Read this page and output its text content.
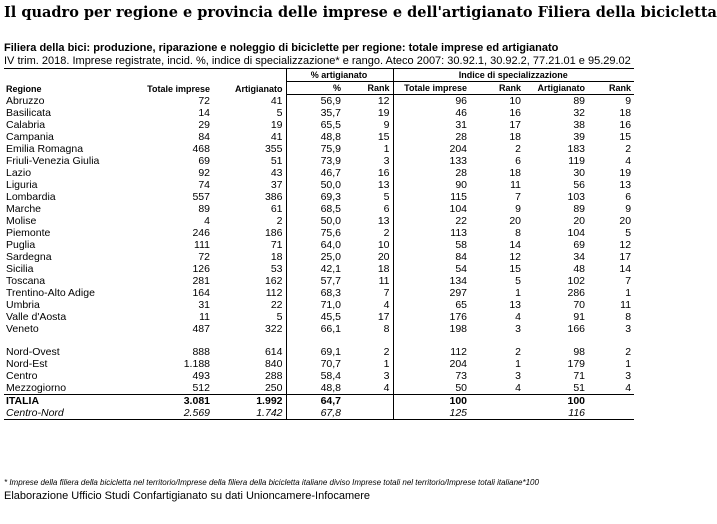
Il quadro per regione e provincia delle imprese e dell'artigianato Filiera della bicicletta
Filiera della bici: produzione, riparazione e noleggio di biciclette per regione: totale imprese ed artigianato
IV trim. 2018. Imprese registrate, incid. %, indice di specializzazione* e rango. Ateco 2007: 30.92.1, 30.92.2, 77.21.01 e 95.29.02
Regione	Totale imprese	Artigianato	% artigianato		Indice di specializzazione			
			%	Rank	Totale imprese	Rank	Artigianato	Rank
Abruzzo	72	41	56,9	12	96	10	89	9
Basilicata	14	5	35,7	19	46	16	32	18
Calabria	29	19	65,5	9	31	17	38	16
Campania	84	41	48,8	15	28	18	39	15
Emilia Romagna	468	355	75,9	1	204	2	183	2
Friuli-Venezia Giulia	69	51	73,9	3	133	6	119	4
Lazio	92	43	46,7	16	28	18	30	19
Liguria	74	37	50,0	13	90	11	56	13
Lombardia	557	386	69,3	5	115	7	103	6
Marche	89	61	68,5	6	104	9	89	9
Molise	4	2	50,0	13	22	20	20	20
Piemonte	246	186	75,6	2	113	8	104	5
Puglia	111	71	64,0	10	58	14	69	12
Sardegna	72	18	25,0	20	84	12	34	17
Sicilia	126	53	42,1	18	54	15	48	14
Toscana	281	162	57,7	11	134	5	102	7
Trentino-Alto Adige	164	112	68,3	7	297	1	286	1
Umbria	31	22	71,0	4	65	13	70	11
Valle d'Aosta	11	5	45,5	17	176	4	91	8
Veneto	487	322	66,1	8	198	3	166	3

Nord-Ovest	888	614	69,1	2	112	2	98	2
Nord-Est	1.188	840	70,7	1	204	1	179	1
Centro	493	288	58,4	3	73	3	71	3
Mezzogiorno	512	250	48,8	4	50	4	51	4
ITALIA	3.081	1.992	64,7		100		100	
Centro-Nord	2.569	1.742	67,8		125		116	
* Imprese della filiera della bicicletta nel territorio/Imprese della filiera della bicicletta italiane diviso Imprese totali nel territorio/Imprese totali italiane*100
Elaborazione Ufficio Studi Confartigianato su dati Unioncamere-Infocamere
